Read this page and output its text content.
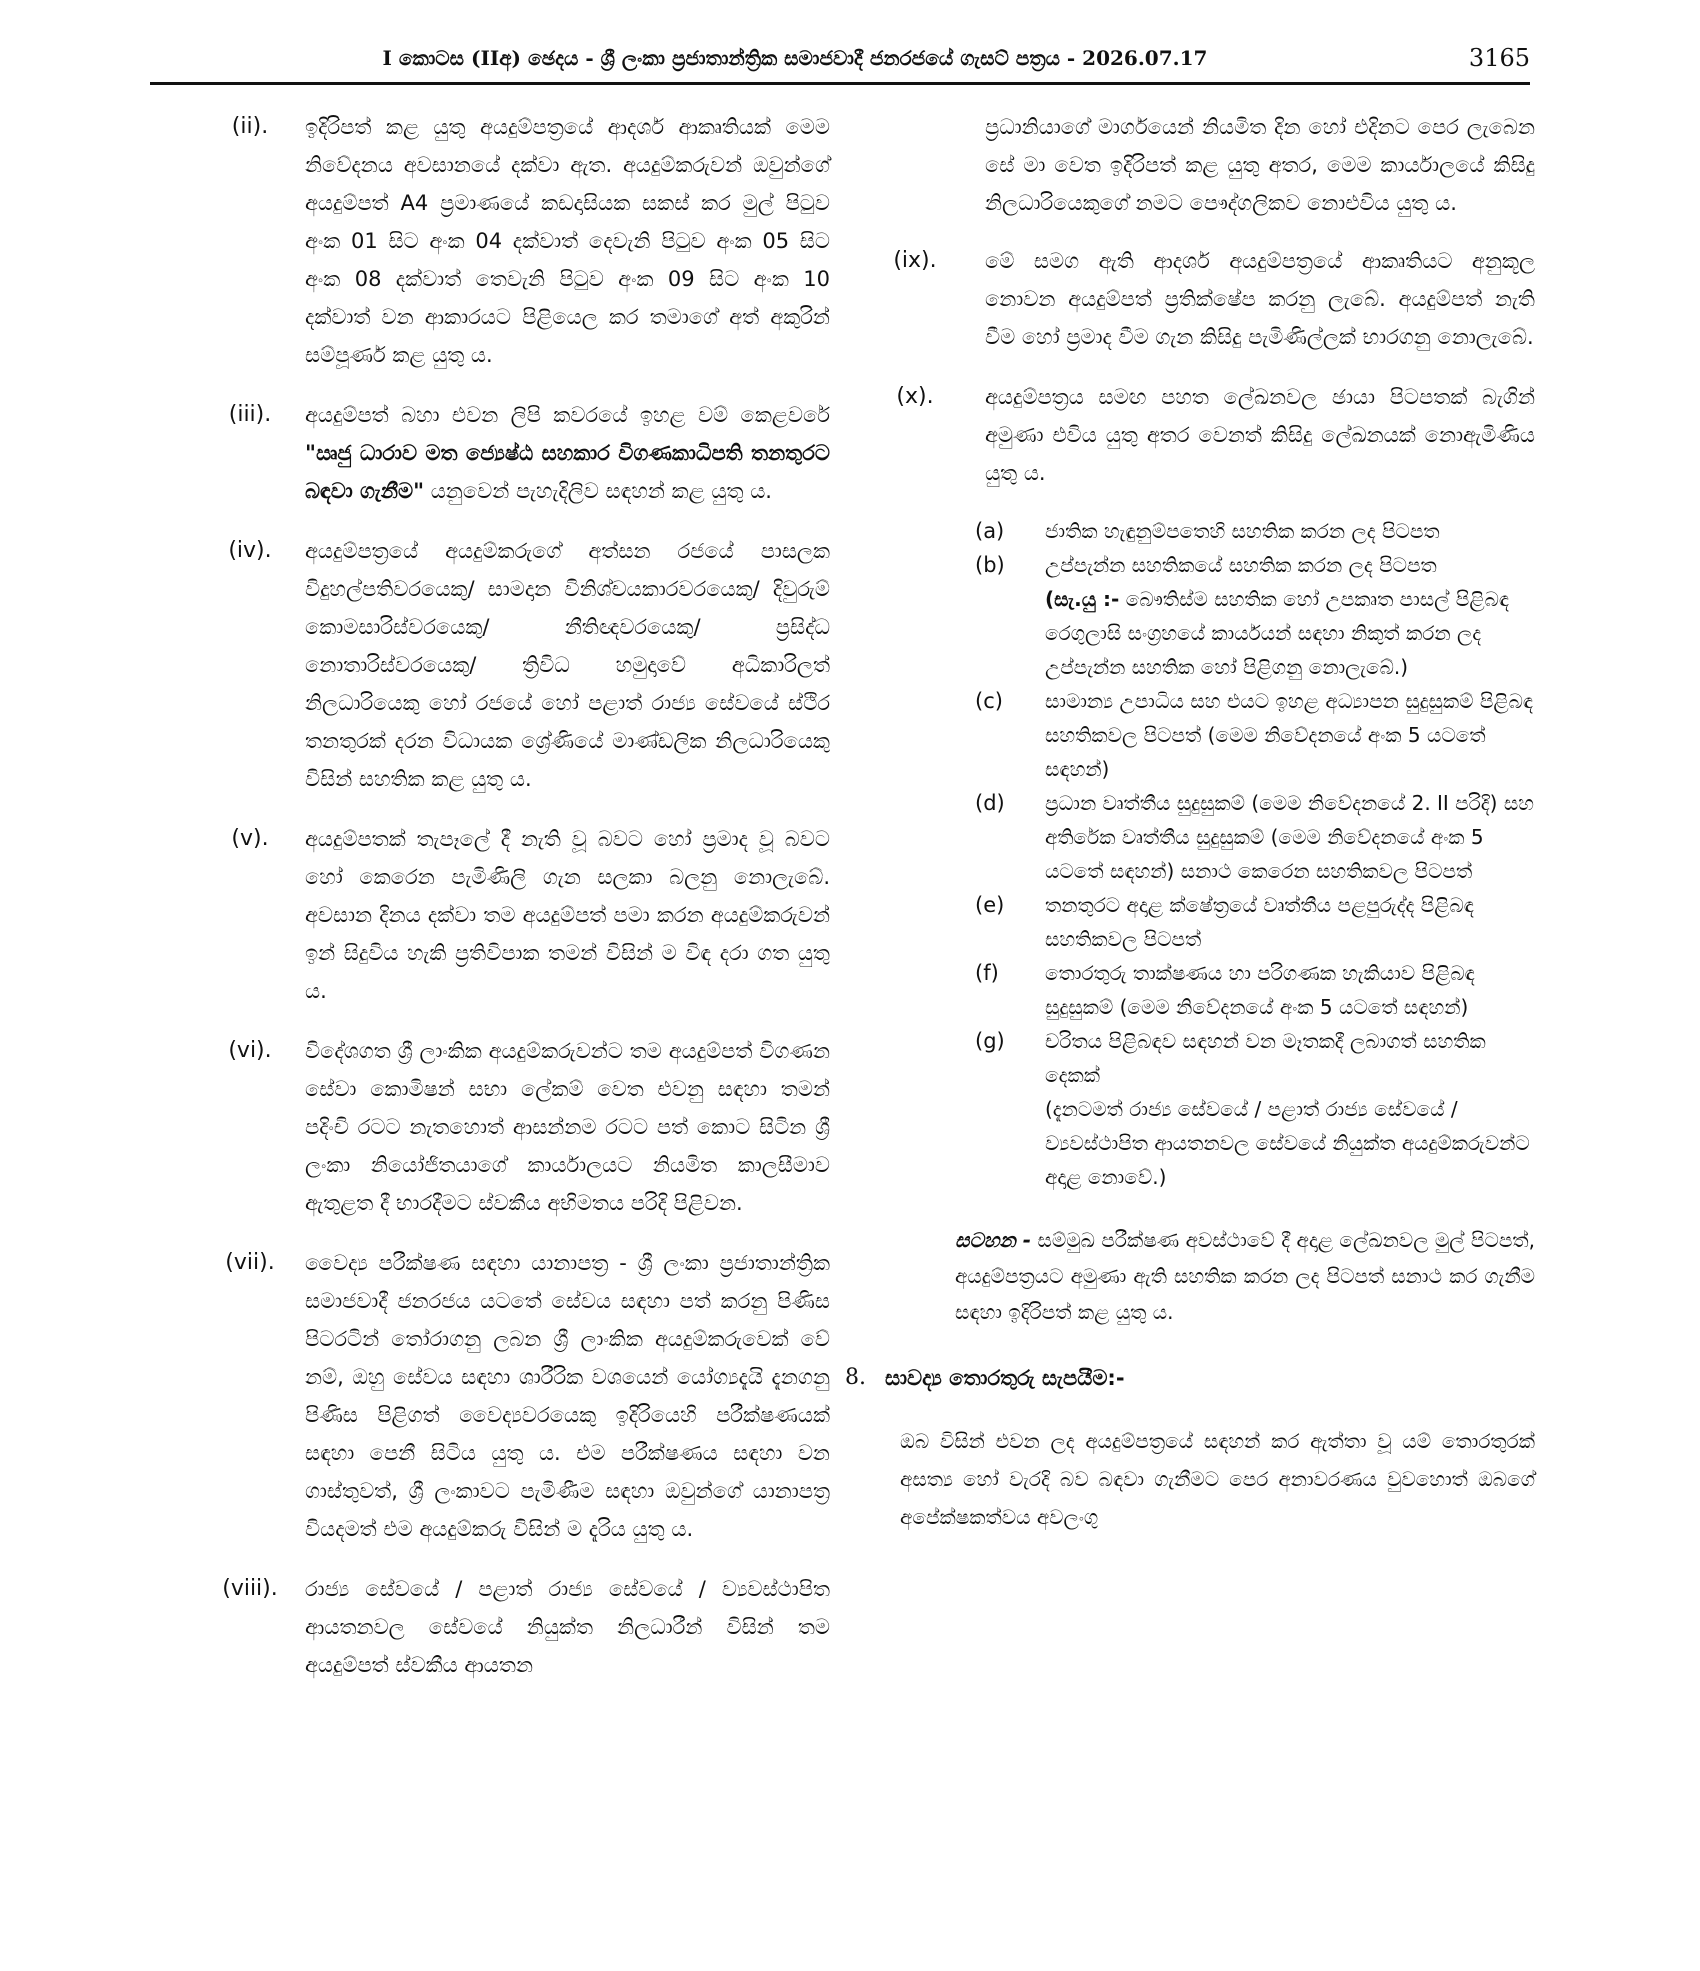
I කොටස (IIඅ) ඡෙදය - ශ්‍රී ලංකා ප්‍රජාතාන්ත්‍රික සමාජවාදී ජනරජයේ ගැසට් පත්‍රය - 2026.07.17	3165
(ii).	ඉදිරිපත් කළ යුතු අයදුම්පත්‍රයේ ආදර්ශ ආකෘතියක් මෙම නිවේදනය අවසානයේ දක්වා ඇත. අයදුම්කරුවන් ඔවුන්ගේ අයදුම්පත් A4 ප්‍රමාණයේ කඩදාසියක සකස් කර මුල් පිටුව අංක 01 සිට අංක 04 දක්වාත් දෙවැනි පිටුව අංක 05 සිට අංක 08 දක්වාත් තෙවැනි පිටුව අංක 09 සිට අංක 10 දක්වාත් වන ආකාරයට පිළියෙල කර තමාගේ අත් අකුරින් සම්පූර්ණ කළ යුතු ය.
(iii).	අයදුම්පත් බහා එවන ලිපි කවරයේ ඉහළ වම් කෙළවරේ "ඍජු ධාරාව මත ජ්‍යෙෂ්ඨ සහකාර විගණකාධිපති තනතුරට බඳවා ගැනීම" යනුවෙන් පැහැදිලිව සඳහන් කළ යුතු ය.
(iv).	අයදුම්පත්‍රයේ අයදුම්කරුගේ අත්සන රජයේ පාසලක විදුහල්පතිවරයෙකු/ සාමදාන විනිශ්චයකාරවරයෙකු/ දිවුරුම් කොමසාරිස්වරයෙකු/ නීතිඥවරයෙකු/ ප්‍රසිද්ධ නොතාරිස්වරයෙකු/ ත්‍රිවිධ හමුදාවේ අධිකාරිලත් නිලධාරියෙකු හෝ රජයේ හෝ පළාත් රාජ්‍ය සේවයේ ස්ථිර තනතුරක් දරන විධායක ශ්‍රේණියේ මාණ්ඩලික නිලධාරියෙකු විසින් සහතික කළ යුතු ය.
(v).	අයදුම්පතක් තැපෑලේ දී නැති වූ බවට හෝ ප්‍රමාද වූ බවට හෝ කෙරෙන පැමිණිලි ගැන සලකා බලනු නොලැබේ. අවසාන දිනය දක්වා තම අයදුම්පත් පමා කරන අයදුම්කරුවන් ඉන් සිදුවිය හැකි ප්‍රතිවිපාක තමන් විසින් ම විඳ දරා ගත යුතු ය.
(vi).	විදේශගත ශ්‍රී ලාංකික අයදුම්කරුවන්ට තම අයදුම්පත් විගණන සේවා කොමිෂන් සභා ලේකම් වෙත එවනු සඳහා තමන් පදිංචි රටට නැතහොත් ආසන්නම රටට පත් කොට සිටින ශ්‍රී ලංකා නියෝජිතයාගේ කාර්යාලයට නියමිත කාලසීමාව ඇතුළත දී භාරදීමට ස්වකීය අභිමතය පරිදි පිළිවන.
(vii).	වෛද්‍ය පරීක්ෂණ සඳහා යානාපත්‍ර - ශ්‍රී ලංකා ප්‍රජාතාන්ත්‍රික සමාජවාදී ජනරජය යටතේ සේවය සඳහා පත් කරනු පිණිස පිටරටින් තෝරාගනු ලබන ශ්‍රී ලාංකික අයදුම්කරුවෙක් වේ නම්, ඔහු සේවය සඳහා ශාරීරික වශයෙන් යෝග්‍යදැයි දැනගනු පිණිස පිළිගත් වෛද්‍යවරයෙකු ඉදිරියෙහි පරීක්ෂණයක් සඳහා පෙනී සිටිය යුතු ය. එම පරීක්ෂණය සඳහා වන ගාස්තුවත්, ශ්‍රී ලංකාවට පැමිණීම සඳහා ඔවුන්ගේ යානාපත්‍ර වියදමත් එම අයදුම්කරු විසින් ම දැරිය යුතු ය.
(viii).	රාජ්‍ය සේවයේ / පළාත් රාජ්‍ය සේවයේ / ව්‍යවස්ථාපිත ආයතනවල සේවයේ නියුක්ත නිලධාරීන් විසින් තම අයදුම්පත් ස්වකීය ආයතන
ප්‍රධානියාගේ මාර්ගයෙන් නියමිත දින හෝ එදිනට පෙර ලැබෙන සේ මා වෙත ඉදිරිපත් කළ යුතු අතර, මෙම කාර්යාලයේ කිසිදු නිලධාරියෙකුගේ නමට පෞද්ගලිකව නොඑවිය යුතු ය.
(ix).	මේ සමග ඇති ආදර්ශ අයදුම්පත්‍රයේ ආකෘතියට අනුකූල නොවන අයදුම්පත් ප්‍රතික්ෂේප කරනු ලැබේ. අයදුම්පත් නැති වීම හෝ ප්‍රමාද වීම ගැන කිසිදු පැමිණිල්ලක් භාරගනු නොලැබේ.
(x).	අයදුම්පත්‍රය සමඟ පහත ලේඛනවල ඡායා පිටපතක් බැගින් අමුණා එවිය යුතු අතර වෙනත් කිසිදු ලේඛනයක් නොඇමිණිය යුතු ය.
(a)	ජාතික හැඳුනුම්පතෙහි සහතික කරන ලද පිටපත
(b)	උප්පැන්න සහතිකයේ සහතික කරන ලද පිටපත
(සැ.යු :- බෞතිස්ම සහතික හෝ උපකෘත පාසල් පිළිබඳ රෙගුලාසි සංග්‍රහයේ කාර්යයන් සඳහා නිකුත් කරන ලද උප්පැන්න සහතික හෝ පිළිගනු නොලැබේ.)
(c)	සාමාන්‍ය උපාධිය සහ එයට ඉහළ අධ්‍යාපන සුදුසුකම් පිළිබඳ සහතිකවල පිටපත් (මෙම නිවේදනයේ අංක 5 යටතේ සඳහන්)
(d)	ප්‍රධාන වෘත්තීය සුදුසුකම් (මෙම නිවේදනයේ 2. II පරිදි) සහ අතිරේක වෘත්තීය සුදුසුකම් (මෙම නිවේදනයේ අංක 5 යටතේ සඳහන්) සනාථ කෙරෙන සහතිකවල පිටපත්
(e)	තනතුරට අදාළ ක්ෂේත්‍රයේ වෘත්තීය පළපුරුද්ද පිළිබඳ සහතිකවල පිටපත්
(f)	තොරතුරු තාක්ෂණය හා පරිගණක හැකියාව පිළිබඳ සුදුසුකම් (මෙම නිවේදනයේ අංක 5 යටතේ සඳහන්)
(g)	චරිතය පිළිබඳව සඳහන් වන මෑතකදී ලබාගත් සහතික දෙකක්
(දැනටමත් රාජ්‍ය සේවයේ / පළාත් රාජ්‍ය සේවයේ / ව්‍යවස්ථාපිත ආයතනවල සේවයේ නියුක්ත අයදුම්කරුවන්ට අදාළ නොවේ.)
සටහන - සම්මුඛ පරීක්ෂණ අවස්ථාවේ දී අදාළ ලේඛනවල මුල් පිටපත්, අයදුම්පත්‍රයට අමුණා ඇති සහතික කරන ලද පිටපත් සනාථ කර ගැනීම සඳහා ඉදිරිපත් කළ යුතු ය.
8. සාවද්‍ය තොරතුරු සැපයීම:-
ඔබ විසින් එවන ලද අයදුම්පත්‍රයේ සඳහන් කර ඇත්තා වූ යම් තොරතුරක් අසත්‍ය හෝ වැරදි බව බඳවා ගැනීමට පෙර අනාවරණය වුවහොත් ඔබගේ අපේක්ෂකත්වය අවලංගු
